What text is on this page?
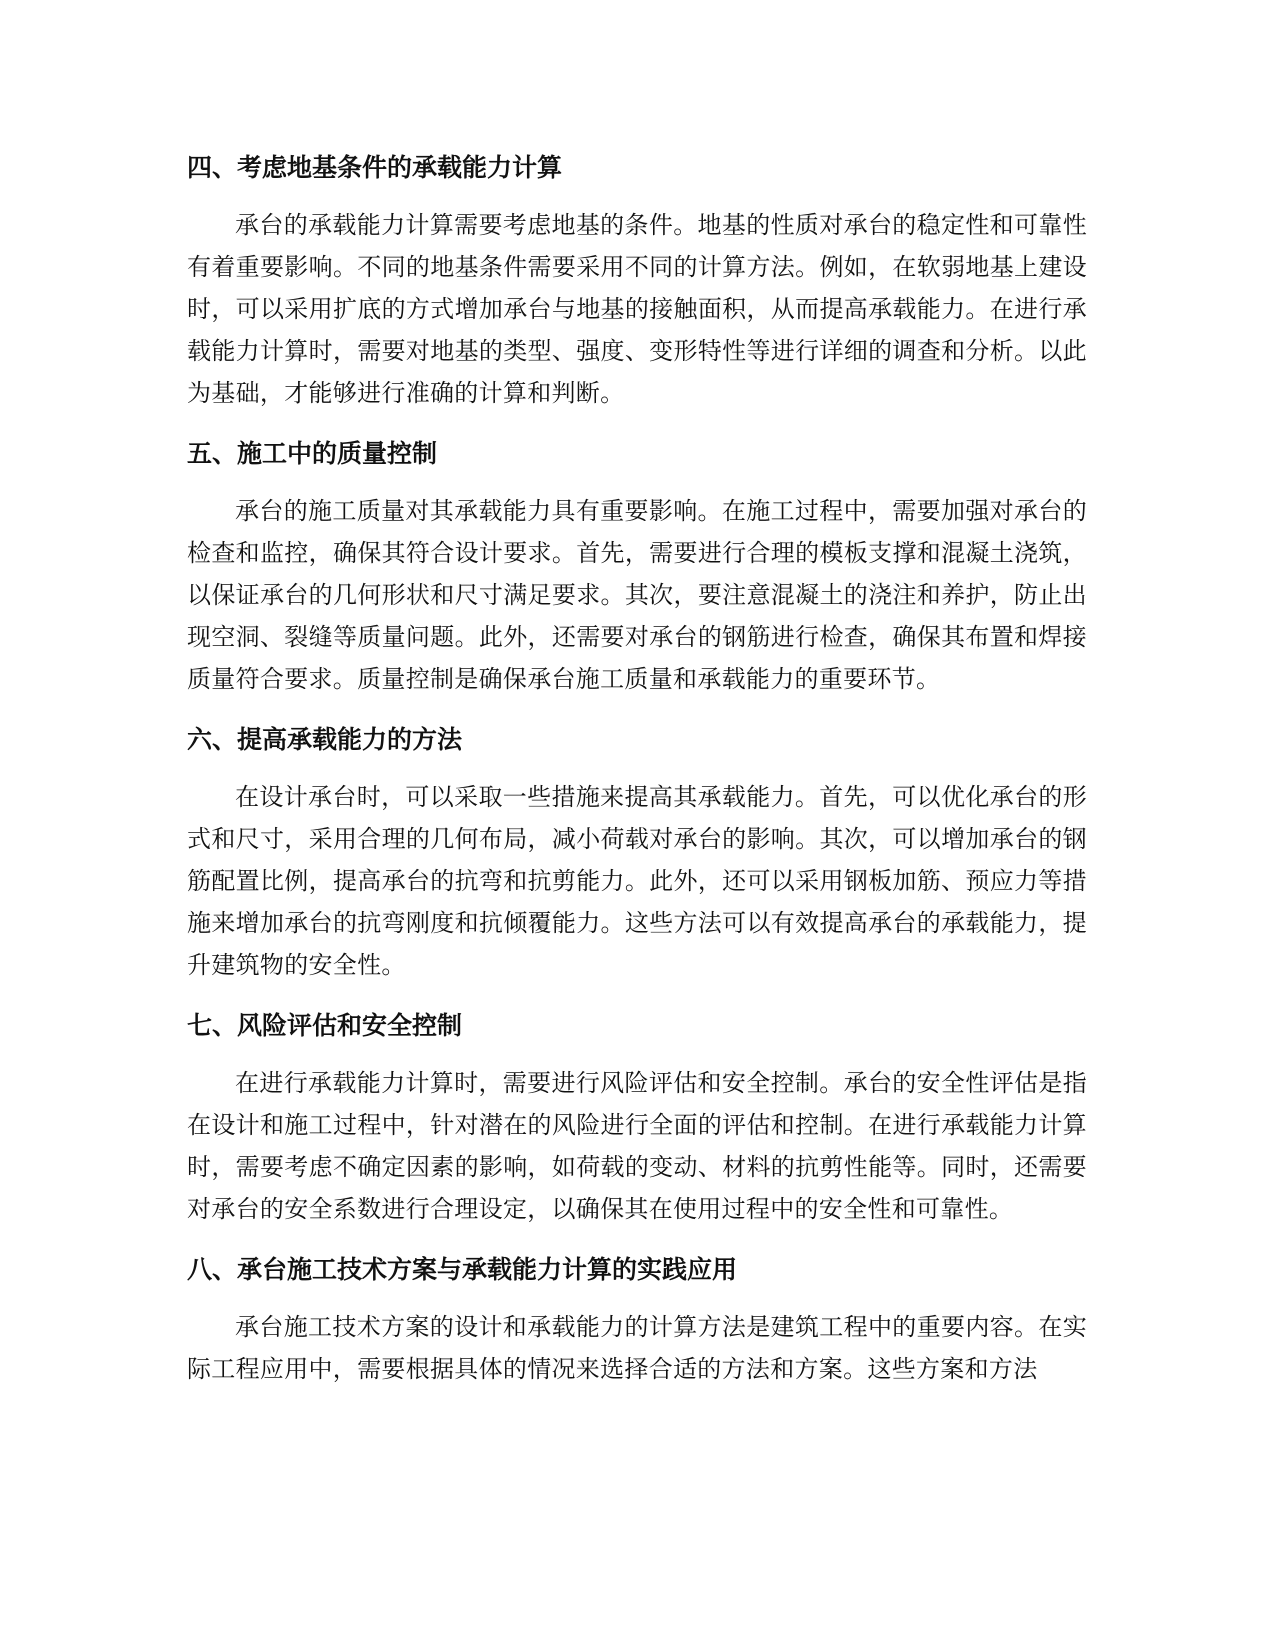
四、考虑地基条件的承载能力计算

承台的承载能力计算需要考虑地基的条件。地基的性质对承台的稳定性和可靠性有着重要影响。不同的地基条件需要采用不同的计算方法。例如，在软弱地基上建设时，可以采用扩底的方式增加承台与地基的接触面积，从而提高承载能力。在进行承载能力计算时，需要对地基的类型、强度、变形特性等进行详细的调查和分析。以此为基础，才能够进行准确的计算和判断。

五、施工中的质量控制

承台的施工质量对其承载能力具有重要影响。在施工过程中，需要加强对承台的检查和监控，确保其符合设计要求。首先，需要进行合理的模板支撑和混凝土浇筑，以保证承台的几何形状和尺寸满足要求。其次，要注意混凝土的浇注和养护，防止出现空洞、裂缝等质量问题。此外，还需要对承台的钢筋进行检查，确保其布置和焊接质量符合要求。质量控制是确保承台施工质量和承载能力的重要环节。

六、提高承载能力的方法

在设计承台时，可以采取一些措施来提高其承载能力。首先，可以优化承台的形式和尺寸，采用合理的几何布局，减小荷载对承台的影响。其次，可以增加承台的钢筋配置比例，提高承台的抗弯和抗剪能力。此外，还可以采用钢板加筋、预应力等措施来增加承台的抗弯刚度和抗倾覆能力。这些方法可以有效提高承台的承载能力，提升建筑物的安全性。

七、风险评估和安全控制

在进行承载能力计算时，需要进行风险评估和安全控制。承台的安全性评估是指在设计和施工过程中，针对潜在的风险进行全面的评估和控制。在进行承载能力计算时，需要考虑不确定因素的影响，如荷载的变动、材料的抗剪性能等。同时，还需要对承台的安全系数进行合理设定，以确保其在使用过程中的安全性和可靠性。

八、承台施工技术方案与承载能力计算的实践应用

承台施工技术方案的设计和承载能力的计算方法是建筑工程中的重要内容。在实际工程应用中，需要根据具体的情况来选择合适的方法和方案。这些方案和方法
